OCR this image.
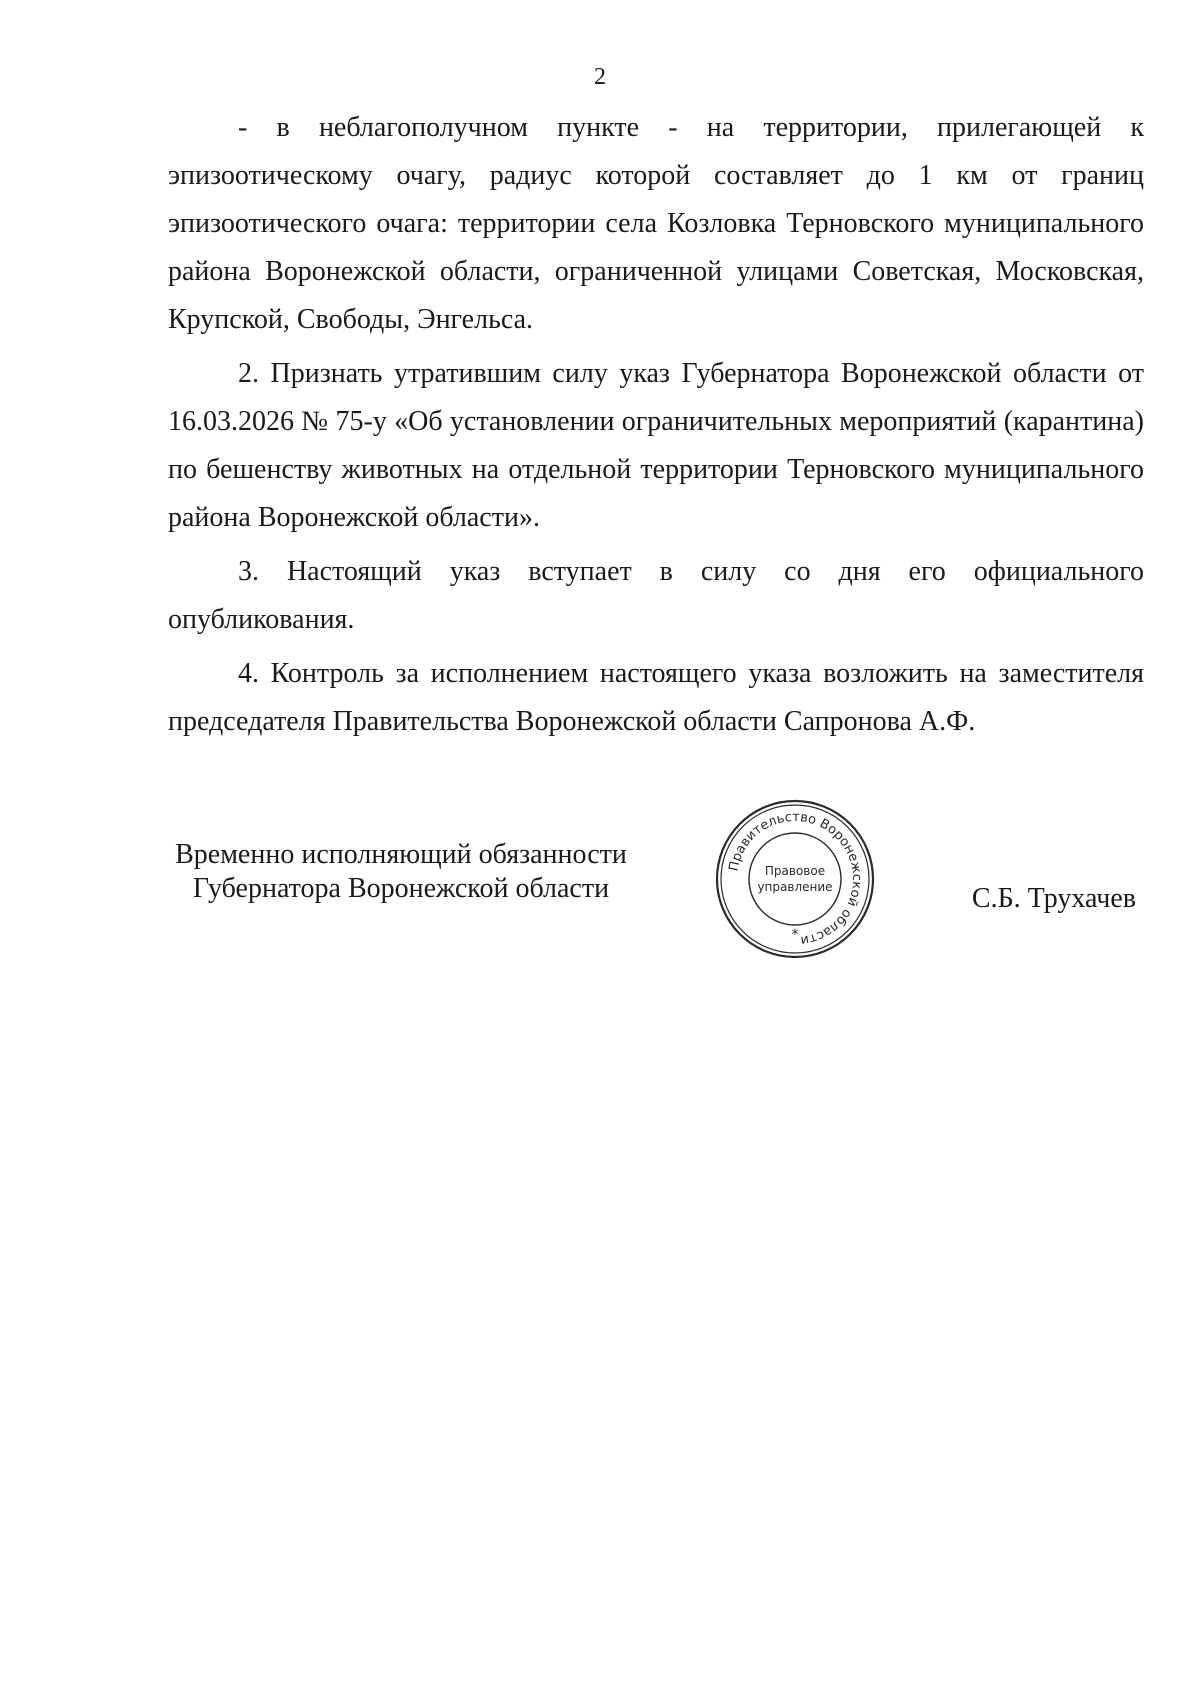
2

- в неблагополучном пункте - на территории, прилегающей к эпизоотическому очагу, радиус которой составляет до 1 км от границ эпизоотического очага: территории села Козловка Терновского муниципального района Воронежской области, ограниченной улицами Советская, Московская, Крупской, Свободы, Энгельса.

2. Признать утратившим силу указ Губернатора Воронежской области от 16.03.2026 № 75-у «Об установлении ограничительных мероприятий (карантина) по бешенству животных на отдельной территории Терновского муниципального района Воронежской области».

3. Настоящий указ вступает в силу со дня его официального опубликования.

4. Контроль за исполнением настоящего указа возложить на заместителя председателя Правительства Воронежской области Сапронова А.Ф.

Временно исполняющий обязанности
Губернатора Воронежской области
Правительство Воронежской области
Правовое
управление
*
С.Б. Трухачев
